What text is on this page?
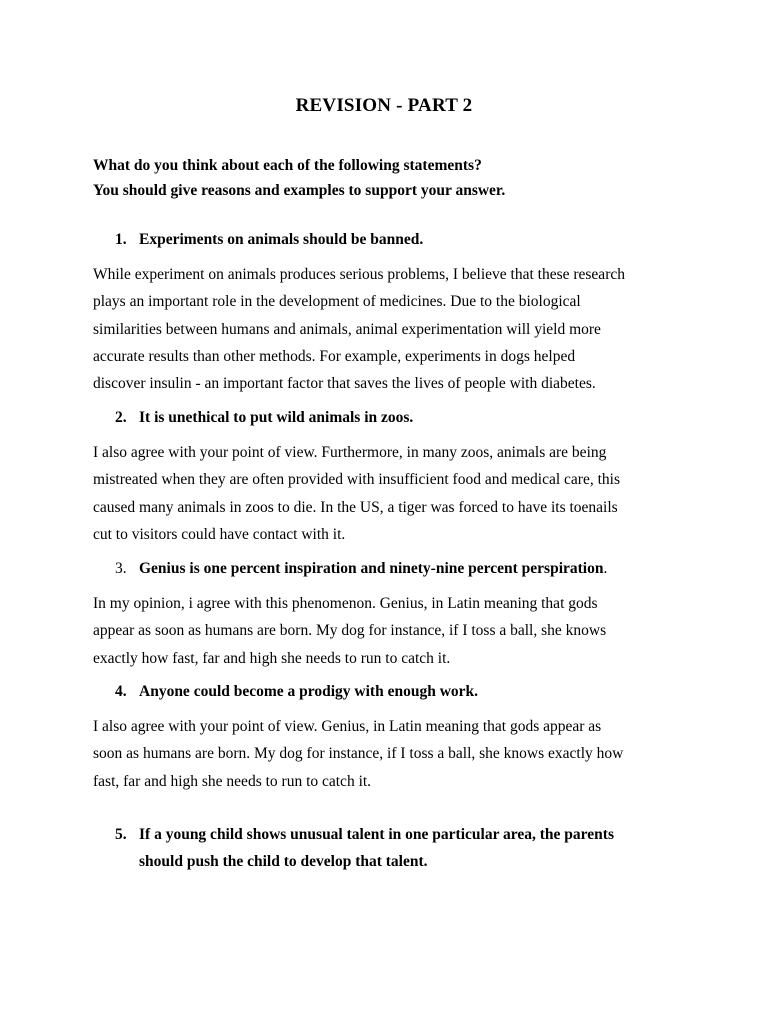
REVISION - PART 2
What do you think about each of the following statements?
You should give reasons and examples to support your answer.
1. Experiments on animals should be banned.
While experiment on animals produces serious problems, I believe that these research
plays an important role in the development of medicines. Due to the biological
similarities between humans and animals, animal experimentation will yield more
accurate results than other methods. For example, experiments in dogs helped
discover insulin - an important factor that saves the lives of people with diabetes.
2. It is unethical to put wild animals in zoos.
I also agree with your point of view. Furthermore, in many zoos, animals are being
mistreated when they are often provided with insufficient food and medical care, this
caused many animals in zoos to die. In the US, a tiger was forced to have its toenails
cut to visitors could have contact with it.
3. Genius is one percent inspiration and ninety-nine percent perspiration.
In my opinion, i agree with this phenomenon. Genius, in Latin meaning that gods
appear as soon as humans are born. My dog for instance, if I toss a ball, she knows
exactly how fast, far and high she needs to run to catch it.
4. Anyone could become a prodigy with enough work.
I also agree with your point of view. Genius, in Latin meaning that gods appear as
soon as humans are born. My dog for instance, if I toss a ball, she knows exactly how
fast, far and high she needs to run to catch it.
5. If a young child shows unusual talent in one particular area, the parents
should push the child to develop that talent.
